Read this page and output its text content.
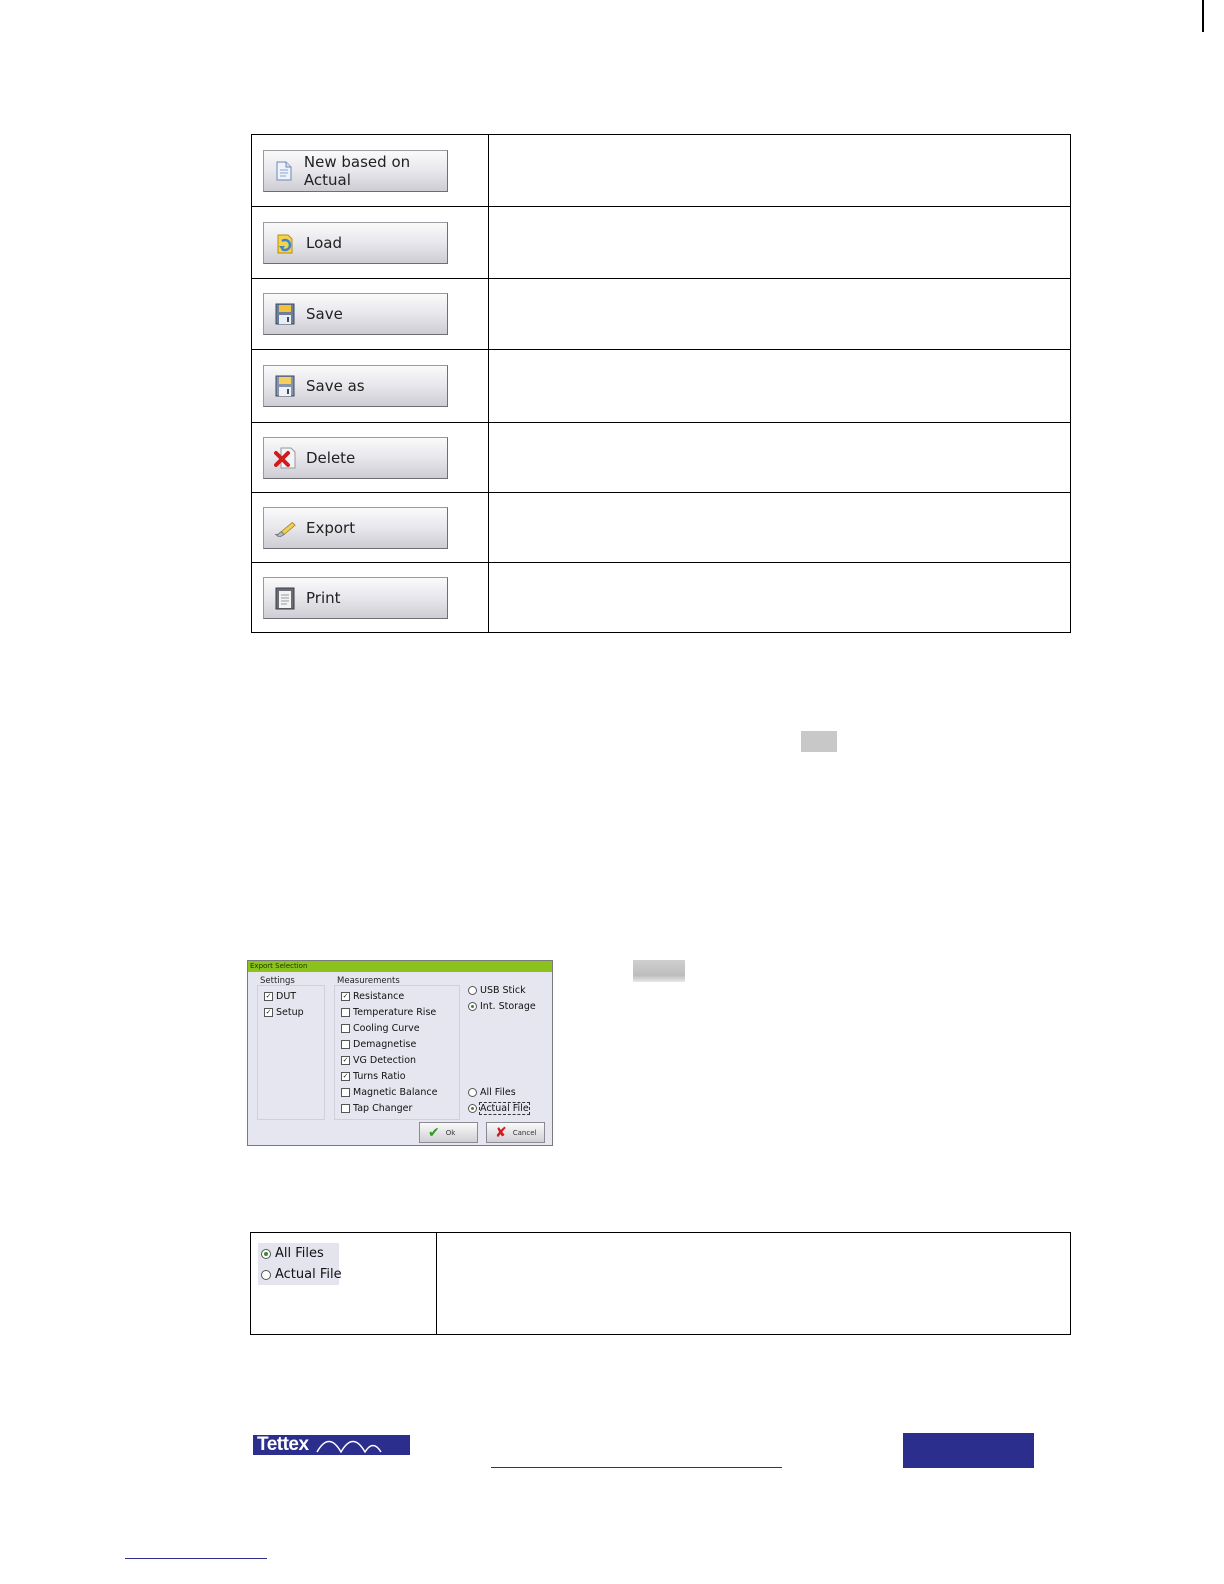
New based on Actual	

Load	

Save	

Save as	

Delete	

Export	

Print	

Export Selection
Settings
✓ DUT
✓ Setup
Measurements
✓ Resistance
Temperature Rise
Cooling Curve
Demagnetise
✓ VG Detection
✓ Turns Ratio
Magnetic Balance
Tap Changer
USB Stick
Int. Storage
All Files
Actual File
✔ Ok	✘ Cancel
All Files
Actual File

Tettex
